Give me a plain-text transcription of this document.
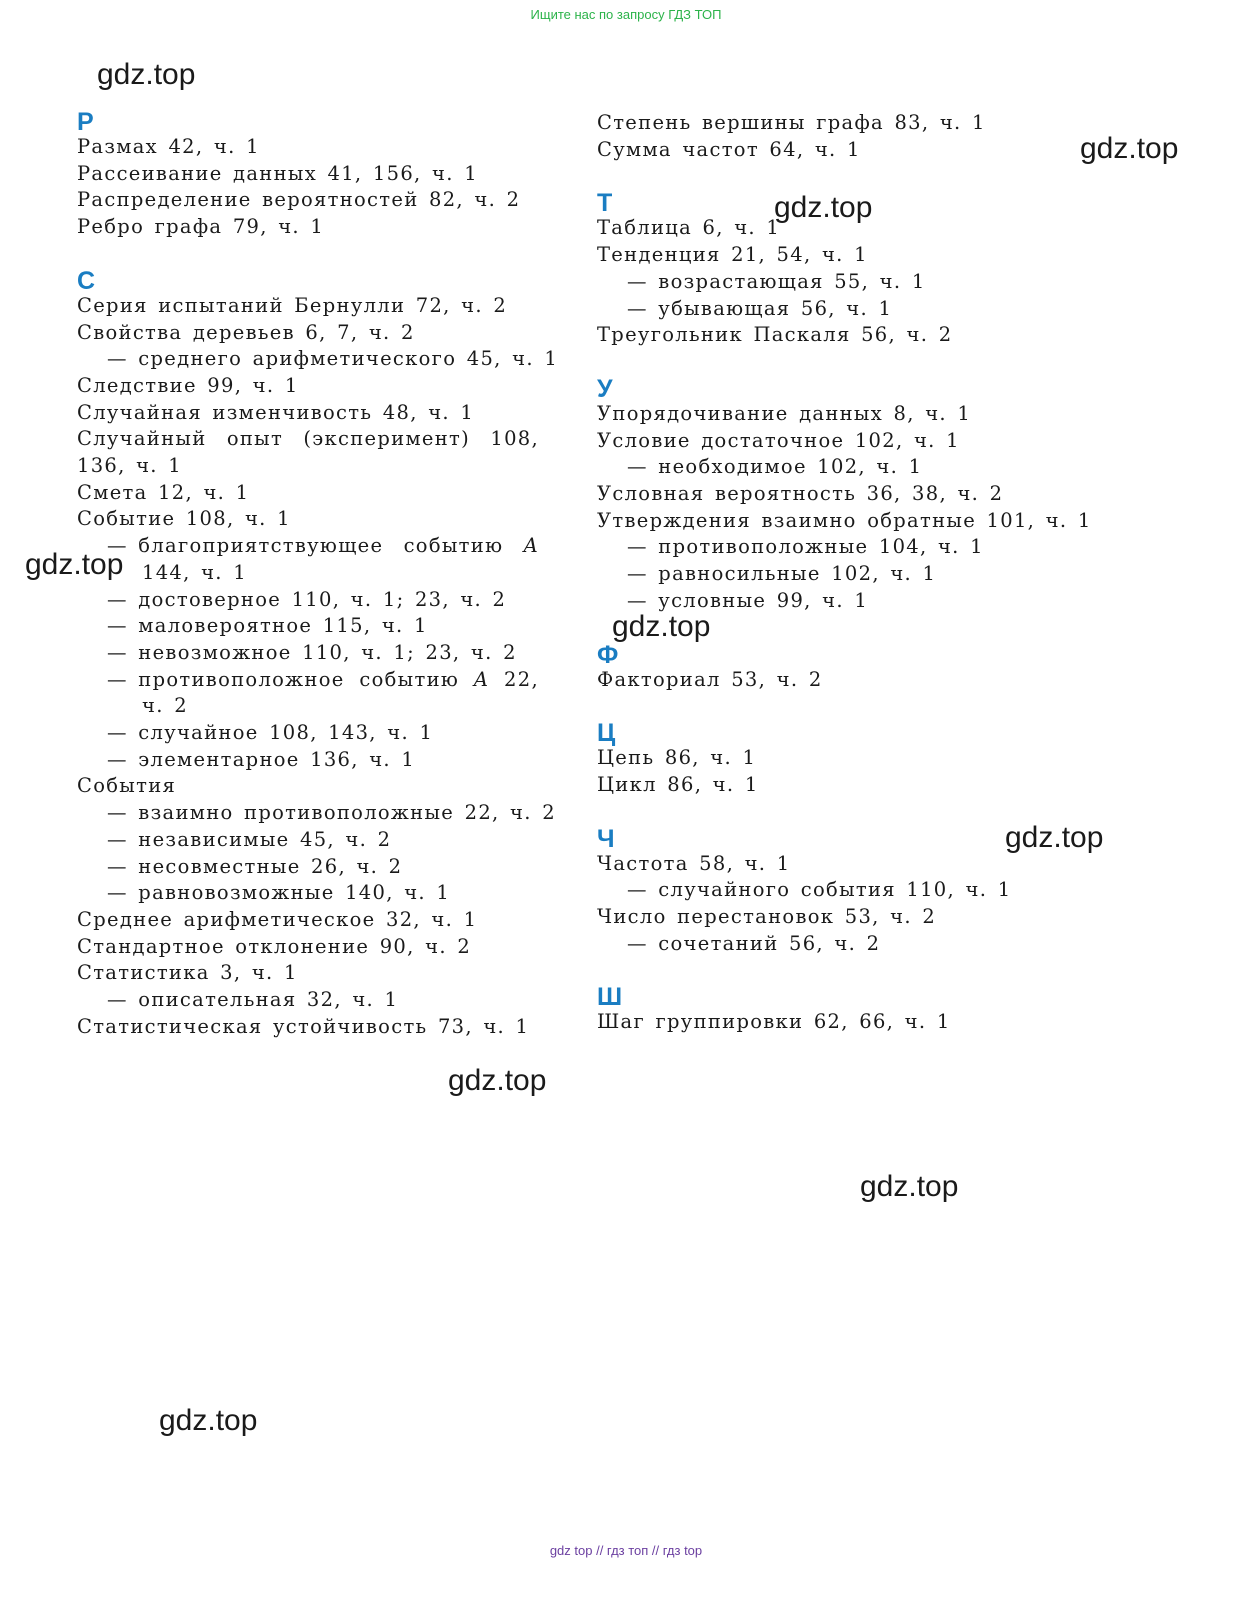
Ищите нас по запросу ГДЗ ТОП
Р
Размах 42, ч. 1
Рассеивание данных 41, 156, ч. 1
Распределение вероятностей 82, ч. 2
Ребро графа 79, ч. 1
С
Серия испытаний Бернулли 72, ч. 2
Свойства деревьев 6, 7, ч. 2
— среднего арифметического 45, ч. 1
Следствие 99, ч. 1
Случайная изменчивость 48, ч. 1
Случайный опыт (эксперимент) 108,
136, ч. 1
Смета 12, ч. 1
Событие 108, ч. 1
— благоприятствующее событию A
144, ч. 1
— достоверное 110, ч. 1; 23, ч. 2
— маловероятное 115, ч. 1
— невозможное 110, ч. 1; 23, ч. 2
— противоположное событию A 22,
ч. 2
— случайное 108, 143, ч. 1
— элементарное 136, ч. 1
События
— взаимно противоположные 22, ч. 2
— независимые 45, ч. 2
— несовместные 26, ч. 2
— равновозможные 140, ч. 1
Среднее арифметическое 32, ч. 1
Стандартное отклонение 90, ч. 2
Статистика 3, ч. 1
— описательная 32, ч. 1
Статистическая устойчивость 73, ч. 1
Степень вершины графа 83, ч. 1
Сумма частот 64, ч. 1
Т
Таблица 6, ч. 1
Тенденция 21, 54, ч. 1
— возрастающая 55, ч. 1
— убывающая 56, ч. 1
Треугольник Паскаля 56, ч. 2
У
Упорядочивание данных 8, ч. 1
Условие достаточное 102, ч. 1
— необходимое 102, ч. 1
Условная вероятность 36, 38, ч. 2
Утверждения взаимно обратные 101, ч. 1
— противоположные 104, ч. 1
— равносильные 102, ч. 1
— условные 99, ч. 1
Ф
Факториал 53, ч. 2
Ц
Цепь 86, ч. 1
Цикл 86, ч. 1
Ч
Частота 58, ч. 1
— случайного события 110, ч. 1
Число перестановок 53, ч. 2
— сочетаний 56, ч. 2
Ш
Шаг группировки 62, 66, ч. 1
gdz.top
gdz.top
gdz.top
gdz.top
gdz.top
gdz.top
gdz.top
gdz.top
gdz.top
gdz top // гдз топ // гдз top
